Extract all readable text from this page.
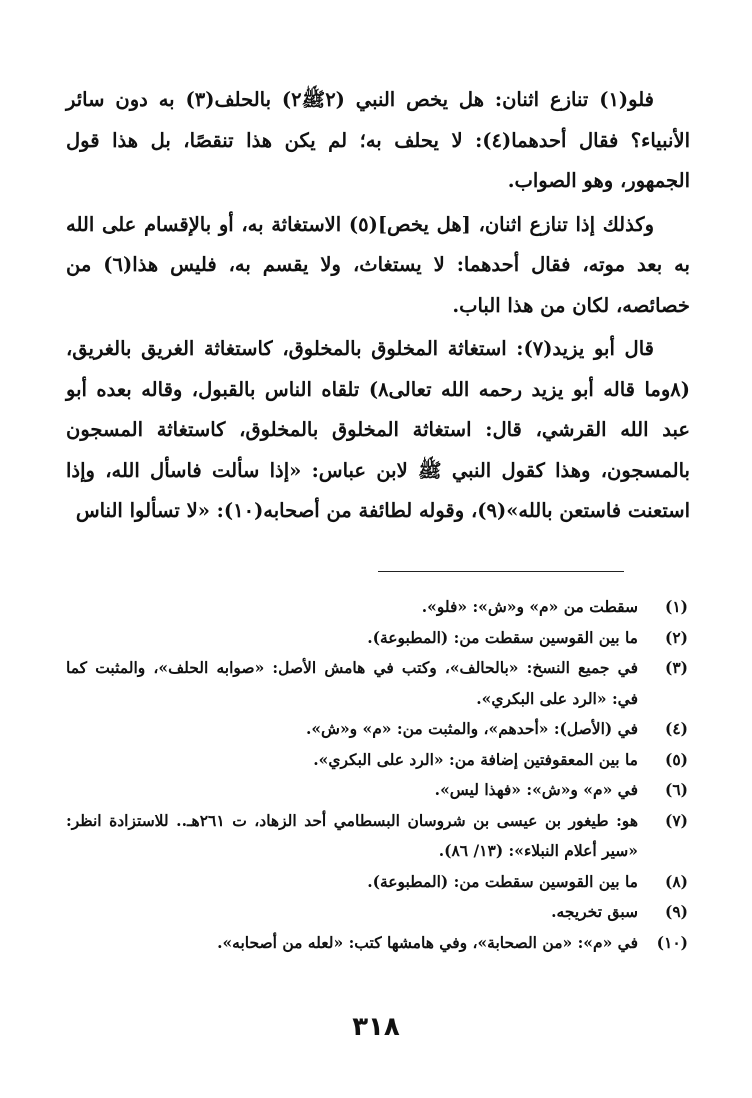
فلو(١) تنازع اثنان: هل يخص النبي (٢ﷺ٢) بالحلف(٣) به دون سائر الأنبياء؟ فقال أحدهما(٤): لا يحلف به؛ لم يكن هذا تنقصًا، بل هذا قول الجمهور، وهو الصواب.

وكذلك إذا تنازع اثنان، [هل يخص](٥) الاستغاثة به، أو بالإقسام على الله به بعد موته، فقال أحدهما: لا يستغاث، ولا يقسم به، فليس هذا(٦) من خصائصه، لكان من هذا الباب.

قال أبو يزيد(٧): استغاثة المخلوق بالمخلوق، كاستغاثة الغريق بالغريق، (٨وما قاله أبو يزيد رحمه الله تعالى٨) تلقاه الناس بالقبول، وقاله بعده أبو عبد الله القرشي، قال: استغاثة المخلوق بالمخلوق، كاستغاثة المسجون بالمسجون، وهذا كقول النبي ﷺ لابن عباس: «إذا سألت فاسأل الله، وإذا استعنت فاستعن بالله»(٩)، وقوله لطائفة من أصحابه(١٠): «لا تسألوا الناس

(١)
سقطت من «م» و«ش»: «فلو».
(٢)
ما بين القوسين سقطت من: (المطبوعة).
(٣)
في جميع النسخ: «بالحالف»، وكتب في هامش الأصل: «صوابه الحلف»، والمثبت كما في: «الرد على البكري».
(٤)
في (الأصل): «أحدهم»، والمثبت من: «م» و«ش».
(٥)
ما بين المعقوفتين إضافة من: «الرد على البكري».
(٦)
في «م» و«ش»: «فهذا ليس».
(٧)
هو: طيغور بن عيسى بن شروسان البسطامي أحد الزهاد، ت ٢٦١هـ.. للاستزادة انظر: «سير أعلام النبلاء»: (١٣/ ٨٦).
(٨)
ما بين القوسين سقطت من: (المطبوعة).
(٩)
سبق تخريجه.
(١٠)
في «م»: «من الصحابة»، وفي هامشها كتب: «لعله من أصحابه».
٣١٨
